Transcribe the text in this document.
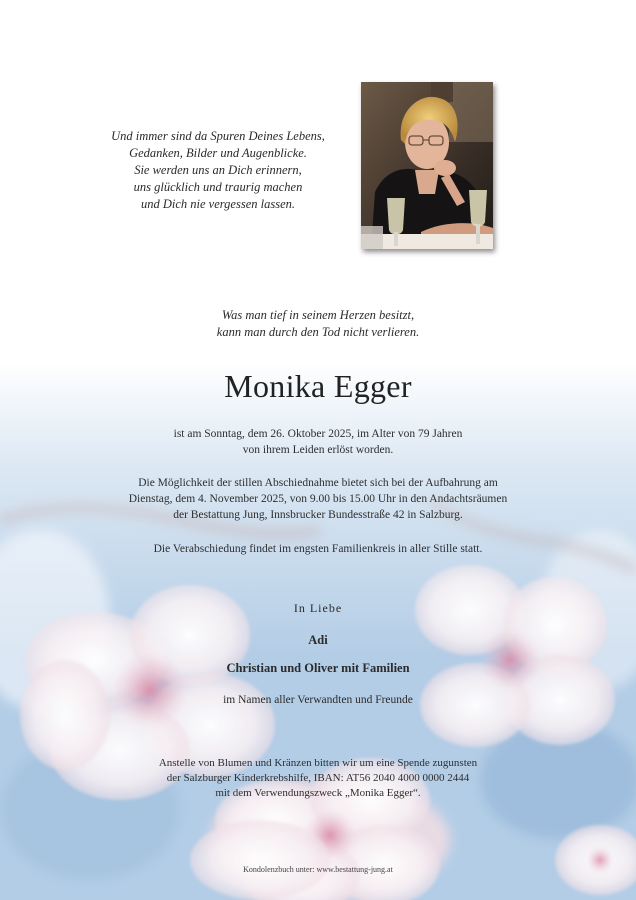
Und immer sind da Spuren Deines Lebens,
Gedanken, Bilder und Augenblicke.
Sie werden uns an Dich erinnern,
uns glücklich und traurig machen
und Dich nie vergessen lassen.
Was man tief in seinem Herzen besitzt,
kann man durch den Tod nicht verlieren.
Monika Egger
ist am Sonntag, dem 26. Oktober 2025, im Alter von 79 Jahren
von ihrem Leiden erlöst worden.
Die Möglichkeit der stillen Abschiednahme bietet sich bei der Aufbahrung am
Dienstag, dem 4. November 2025, von 9.00 bis 15.00 Uhr in den Andachtsräumen
der Bestattung Jung, Innsbrucker Bundesstraße 42 in Salzburg.
Die Verabschiedung findet im engsten Familienkreis in aller Stille statt.
In Liebe
Adi
Christian und Oliver mit Familien
im Namen aller Verwandten und Freunde
Anstelle von Blumen und Kränzen bitten wir um eine Spende zugunsten
der Salzburger Kinderkrebshilfe, IBAN: AT56 2040 4000 0000 2444
mit dem Verwendungszweck „Monika Egger“.
Kondolenzbuch unter: www.bestattung-jung.at
